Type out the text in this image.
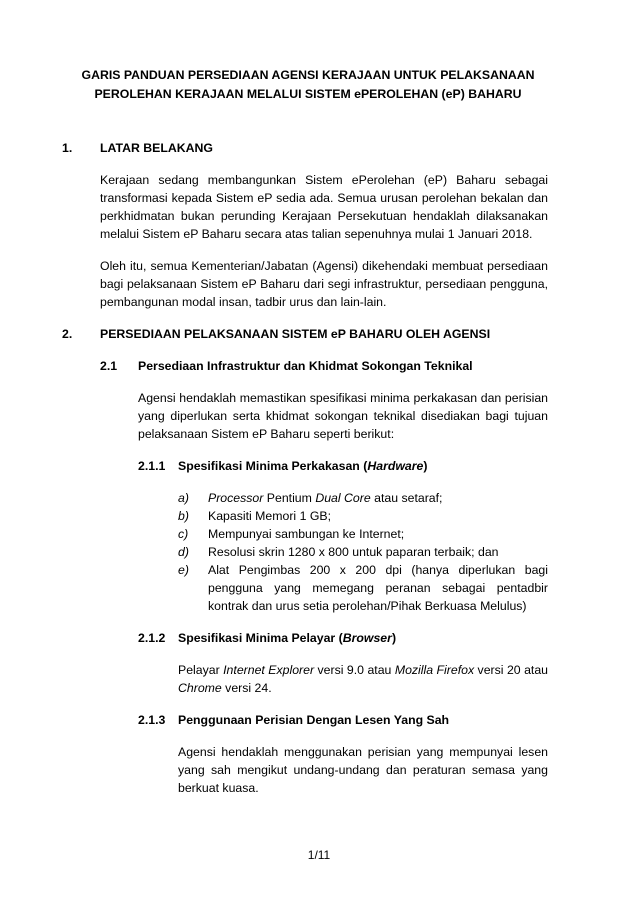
GARIS PANDUAN PERSEDIAAN AGENSI KERAJAAN UNTUK PELAKSANAAN
PEROLEHAN KERAJAAN MELALUI SISTEM ePEROLEHAN (eP) BAHARU
1.	LATAR BELAKANG
Kerajaan sedang membangunkan Sistem ePerolehan (eP) Baharu sebagai transformasi kepada Sistem eP sedia ada. Semua urusan perolehan bekalan dan perkhidmatan bukan perunding Kerajaan Persekutuan hendaklah dilaksanakan melalui Sistem eP Baharu secara atas talian sepenuhnya mulai 1 Januari 2018.
Oleh itu, semua Kementerian/Jabatan (Agensi) dikehendaki membuat persediaan bagi pelaksanaan Sistem eP Baharu dari segi infrastruktur, persediaan pengguna, pembangunan modal insan, tadbir urus dan lain-lain.
2.	PERSEDIAAN PELAKSANAAN SISTEM eP BAHARU OLEH AGENSI
2.1	Persediaan Infrastruktur dan Khidmat Sokongan Teknikal
Agensi hendaklah memastikan spesifikasi minima perkakasan dan perisian yang diperlukan serta khidmat sokongan teknikal disediakan bagi tujuan pelaksanaan Sistem eP Baharu seperti berikut:
2.1.1	Spesifikasi Minima Perkakasan (Hardware)
a)	Processor Pentium Dual Core atau setaraf;
b)	Kapasiti Memori 1 GB;
c)	Mempunyai sambungan ke Internet;
d)	Resolusi skrin 1280 x 800 untuk paparan terbaik; dan
e)	Alat Pengimbas 200 x 200 dpi (hanya diperlukan bagi pengguna yang memegang peranan sebagai pentadbir kontrak dan urus setia perolehan/Pihak Berkuasa Melulus)
2.1.2	Spesifikasi Minima Pelayar (Browser)
Pelayar Internet Explorer versi 9.0 atau Mozilla Firefox versi 20 atau Chrome versi 24.
2.1.3	Penggunaan Perisian Dengan Lesen Yang Sah
Agensi hendaklah menggunakan perisian yang mempunyai lesen yang sah mengikut undang-undang dan peraturan semasa yang berkuat kuasa.
1/11
